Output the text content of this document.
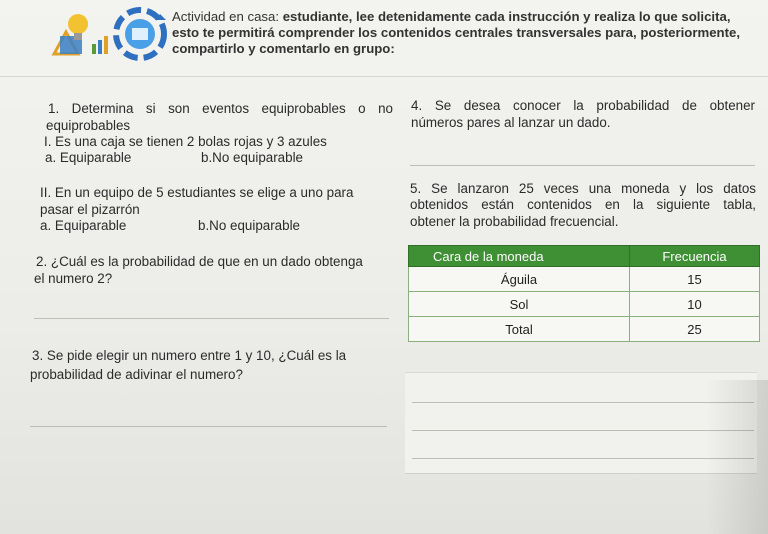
Actividad en casa: estudiante, lee detenidamente cada instrucción y realiza lo que solicita, esto te permitirá comprender los contenidos centrales transversales para, posteriormente, compartirlo y comentarlo en grupo:
1. Determina si son eventos equiprobables o no
equiprobables
I. Es una caja se tienen 2 bolas rojas y 3 azules
a. Equiparable	b.No equiparable
II. En un equipo de 5 estudiantes se elige a uno para
pasar el pizarrón
a. Equiparable	b.No equiparable
2. ¿Cuál es la probabilidad de que en un dado obtenga
el numero 2?
3. Se pide elegir un numero entre 1 y 10, ¿Cuál es la
probabilidad de adivinar el numero?
4. Se desea conocer la probabilidad de obtener
números pares al lanzar un dado.
5. Se lanzaron 25 veces una moneda y los datos
obtenidos están contenidos en la siguiente tabla,
obtener la probabilidad frecuencial.
Cara de la moneda	Frecuencia
Águila	15
Sol	10
Total	25
